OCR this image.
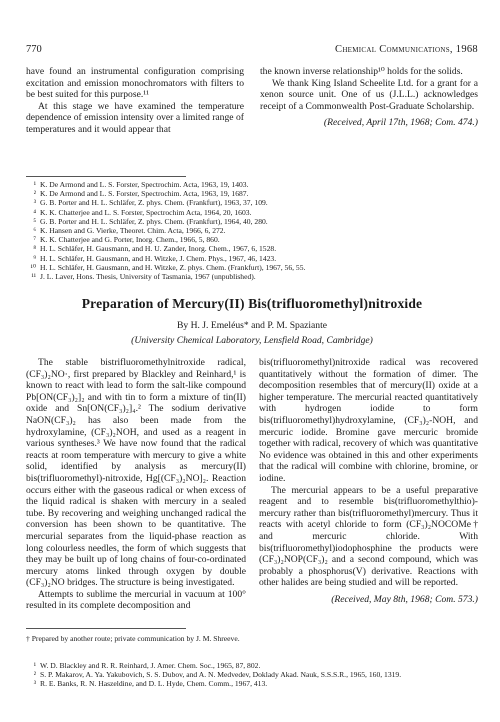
770	Chemical Communications, 1968

have found an instrumental configuration comprising excitation and emission monochromators with filters to be best suited for this purpose.¹¹

At this stage we have examined the temperature dependence of emission intensity over a limited range of temperatures and it would appear that

the known inverse relationship¹⁰ holds for the solids.

We thank King Island Scheelite Ltd. for a grant for a xenon source unit. One of us (J.L.L.) acknowledges receipt of a Commonwealth Post-Graduate Scholarship.

(Received, April 17th, 1968; Com. 474.)

¹ K. De Armond and L. S. Forster, Spectrochim. Acta, 1963, 19, 1403.
² K. De Armond and L. S. Forster, Spectrochim. Acta, 1963, 19, 1687.
³ G. B. Porter and H. L. Schläfer, Z. phys. Chem. (Frankfurt), 1963, 37, 109.
⁴ K. K. Chatterjee and L. S. Forster, Spectrochim Acta, 1964, 20, 1603.
⁵ G. B. Porter and H. L. Schläfer, Z. phys. Chem. (Frankfurt), 1964, 40, 280.
⁶ K. Hansen and G. Vierke, Theoret. Chim. Acta, 1966, 6, 272.
⁷ K. K. Chatterjee and G. Porter, Inorg. Chem., 1966, 5, 860.
⁸ H. L. Schläfer, H. Gausmann, and H. U. Zander, Inorg. Chem., 1967, 6, 1528.
⁹ H. L. Schläfer, H. Gausmann, and H. Witzke, J. Chem. Phys., 1967, 46, 1423.
¹⁰ H. L. Schläfer, H. Gausmann, and H. Witzke, Z. phys. Chem. (Frankfurt), 1967, 56, 55.
¹¹ J. L. Laver, Hons. Thesis, University of Tasmania, 1967 (unpublished).
Preparation of Mercury(II) Bis(trifluoromethyl)nitroxide
By H. J. Emeléus* and P. M. Spaziante
(University Chemical Laboratory, Lensfield Road, Cambridge)

The stable bistrifluoromethylnitroxide radical, (CF₃)₂NO·, first prepared by Blackley and Reinhard,¹ is known to react with lead to form the salt-like compound Pb[ON(CF₃)₂]₂ and with tin to form a mixture of tin(II) oxide and Sn[ON(CF₃)₂]₄.² The sodium derivative NaON(CF₃)₂ has also been made from the hydroxylamine, (CF₃)₂NOH, and used as a reagent in various syntheses.³ We have now found that the radical reacts at room temperature with mercury to give a white solid, identified by analysis as mercury(II) bis(trifluoromethyl)-nitroxide, Hg[(CF₃)₂NO]₂. Reaction occurs either with the gaseous radical or when excess of the liquid radical is shaken with mercury in a sealed tube. By recovering and weighing unchanged radical the conversion has been shown to be quantitative. The mercurial separates from the liquid-phase reaction as long colourless needles, the form of which suggests that they may be built up of long chains of four-co-ordinated mercury atoms linked through oxygen by double (CF₃)₂NO bridges. The structure is being investigated.

Attempts to sublime the mercurial in vacuum at 100° resulted in its complete decomposition and

bis(trifluoromethyl)nitroxide radical was recovered quantitatively without the formation of dimer. The decomposition resembles that of mercury(II) oxide at a higher temperature. The mercurial reacted quantitatively with hydrogen iodide to form bis(trifluoromethyl)hydroxylamine, (CF₃)₂-NOH, and mercuric iodide. Bromine gave mercuric bromide together with radical, recovery of which was quantitative No evidence was obtained in this and other experiments that the radical will combine with chlorine, bromine, or iodine.

The mercurial appears to be a useful preparative reagent and to resemble bis(trifluoromethylthio)-mercury rather than bis(trifluoromethyl)mercury. Thus it reacts with acetyl chloride to form (CF₃)₂NOCOMe† and mercuric chloride. With bis(trifluoromethyl)iodophosphine the products were (CF₃)₂NOP(CF₃)₂ and a second compound, which was probably a phosphorus(V) derivative. Reactions with other halides are being studied and will be reported.

(Received, May 8th, 1968; Com. 573.)

† Prepared by another route; private communication by J. M. Shreeve.
¹ W. D. Blackley and R. R. Reinhard, J. Amer. Chem. Soc., 1965, 87, 802.
² S. P. Makarov, A. Ya. Yakubovich, S. S. Dubov, and A. N. Medvedev, Doklady Akad. Nauk, S.S.S.R., 1965, 160, 1319.
³ R. E. Banks, R. N. Haszeldine, and D. L. Hyde, Chem. Comm., 1967, 413.
